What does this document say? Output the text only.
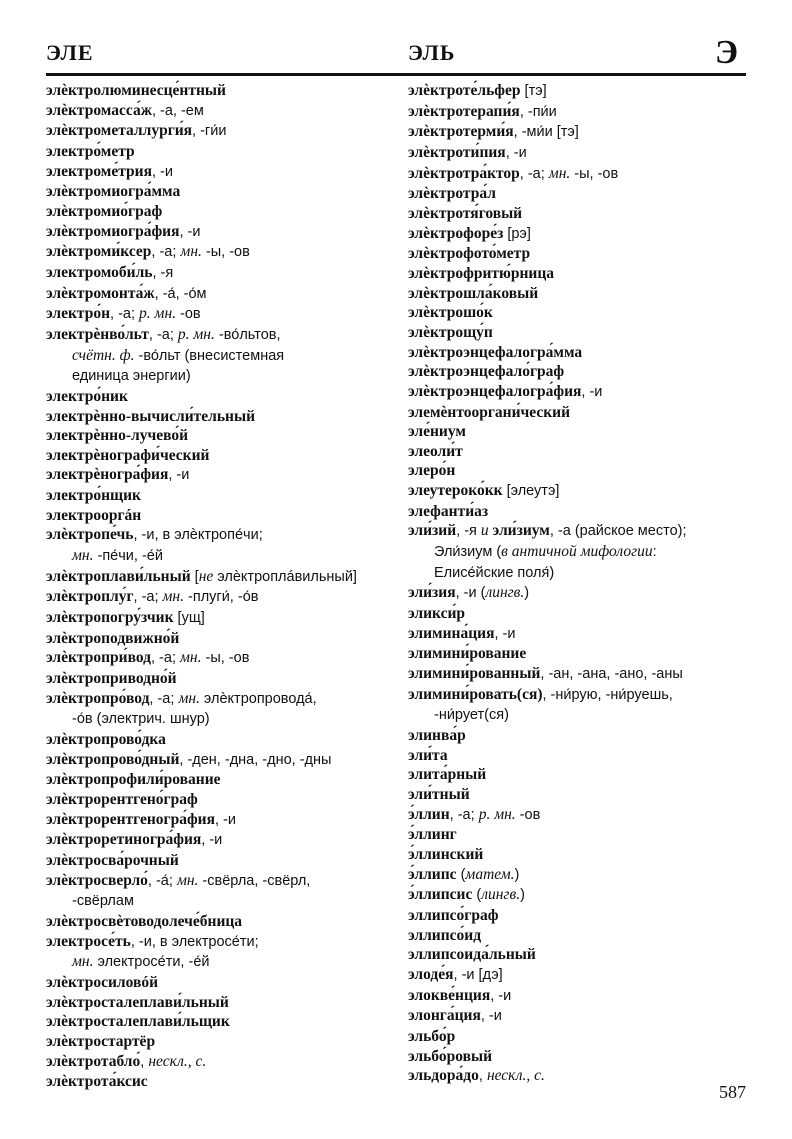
ЭЛЕ	ЭЛЬ	Э
элѐктролюминесце́нтный
элѐктромасса́ж, -а, -ем
элѐктрометаллурги́я, -ги́и
электро́метр
электроме́трия, -и
элѐктромиогра́мма
элѐктромио́граф
элѐктромиогра́фия, -и
элѐктроми́ксер, -а; мн. -ы, -ов
электромоби́ль, -я
элѐктромонта́ж, -а́, -о́м
электро́н, -а; р. мн. -ов
электрѐнво́льт, -а; р. мн. -во́льтов,
счётн. ф. -во́льт (внесистемная
единица энергии)
электро́ник
электрѐнно-вычисли́тельный
электрѐнно-лучево́й
электрѐнографи́ческий
электрѐногра́фия, -и
электро́нщик
электрооргáн
элѐктропе́чь, -и, в элѐктропе́чи;
мн. -пе́чи, -е́й
элѐктроплави́льный [не элѐктроплáвильный]
элѐктроплу́г, -а; мн. -плуги́, -о́в
элѐктропогру́зчик [ущ]
элѐктроподвижно́й
элѐктропри́вод, -а; мн. -ы, -ов
элѐктроприводно́й
элѐктропро́вод, -а; мн. элѐктропровода́,
-о́в (электрич. шнур)
элѐктропрово́дка
элѐктропрово́дный, -ден, -дна, -дно, -дны
элѐктропрофили́рование
элѐктрорентгено́граф
элѐктрорентгеногра́фия, -и
элѐктроретиногра́фия, -и
элѐктросва́рочный
элѐктросверло́, -а́; мн. -свёрла, -свёрл,
-свёрлам
элѐктросвѐтоводолече́бница
электросе́ть, -и, в электросе́ти;
мн. электросе́ти, -е́й
элѐктросиловóй
элѐктросталеплави́льный
элѐктросталеплави́льщик
элѐктростартёр
элѐктротабло́, нескл., с.
элѐктрота́ксис
элѐктроте́льфер [тэ]
элѐктротерапи́я, -пи́и
элѐктротерми́я, -ми́и [тэ]
элѐктроти́пия, -и
элѐктротра́ктор, -а; мн. -ы, -ов
элѐктротра́л
элѐктротя́говый
элѐктрофоре́з [рэ]
элѐктрофото́метр
элѐктрофритю́рница
элѐктрошла́ковый
элѐктрошо́к
элѐктрощу́п
элѐктроэнцефалогра́мма
элѐктроэнцефало́граф
элѐктроэнцефалогра́фия, -и
элемѐнтооргани́ческий
эле́ниум
элеоли́т
элеро́н
элеутероко́кк [элеутэ]
элефанти́аз
эли́зий, -я и эли́зиум, -а (райское место);
Эли́зиум (в античной мифологии:
Елисе́йские поля́)
эли́зия, -и (лингв.)
эликси́р
элимина́ция, -и
элимини́рование
элимини́рованный, -ан, -ана, -ано, -аны
элимини́ровать(ся), -ни́рую, -ни́руешь,
-ни́рует(ся)
элинва́р
эли́та
элита́рный
эли́тный
э́ллин, -а; р. мн. -ов
э́ллинг
э́ллинский
э́ллипс (матем.)
э́ллипсис (лингв.)
эллипсо́граф
эллипсо́ид
эллипсоида́льный
элоде́я, -и [дэ]
элокве́нция, -и
элонга́ция, -и
эльбо́р
эльбо́ровый
эльдора́до, нескл., с.
587
